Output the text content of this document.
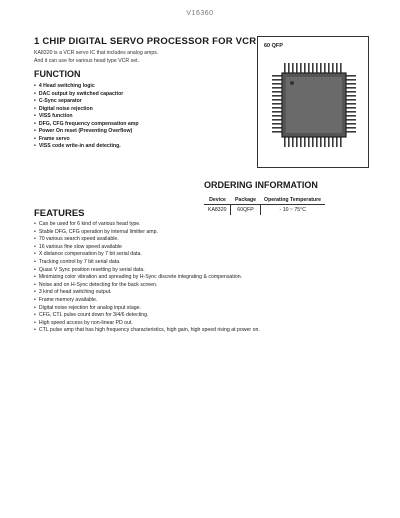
V16360
1 CHIP DIGITAL SERVO PROCESSOR FOR VCR
KA8320 is a VCR servo IC that includes analog amps.
And it can use for various head type VCR set.
FUNCTION
• 4 Head switching logic
• DAC output by switched capacitor
• C-Sync separator
• Digital noise rejection
• VISS function
• DFG, CFG frequency compensation amp
• Power On reset (Preventing Overflow)
• Frame servo
• VISS code write-in and detecting.
60 QFP
ORDERING INFORMATION
Device	Package	Operating Temperature
KA8320	60QFP	- 10 ~ 75°C
FEATURES
• Can be used for 6 kind of various head type.
• Stable DFG, CFG operation by internal limitter amp.
• 70 various search speed available.
• 16 various fine slow speed available
• X distance compensation by 7 bit serial data.
• Tracking control by 7 bit serial data.
• Quasi V Sync position resetting by serial data.
• Minimizing color vibration and spreading by H-Sync discrete integrating & compensation.
• Noise and on H-Sync detecting for the back screen.
• 3 kind of head switching output.
• Frame memory available.
• Digital noise rejection for analog input stage.
• CFG, CTL pulse count down for 3/4/6 detecting.
• High speed access by non-linear PD out.
• CTL pulse amp that has high frequency characteristics, high gain, high speed rising at power on.
